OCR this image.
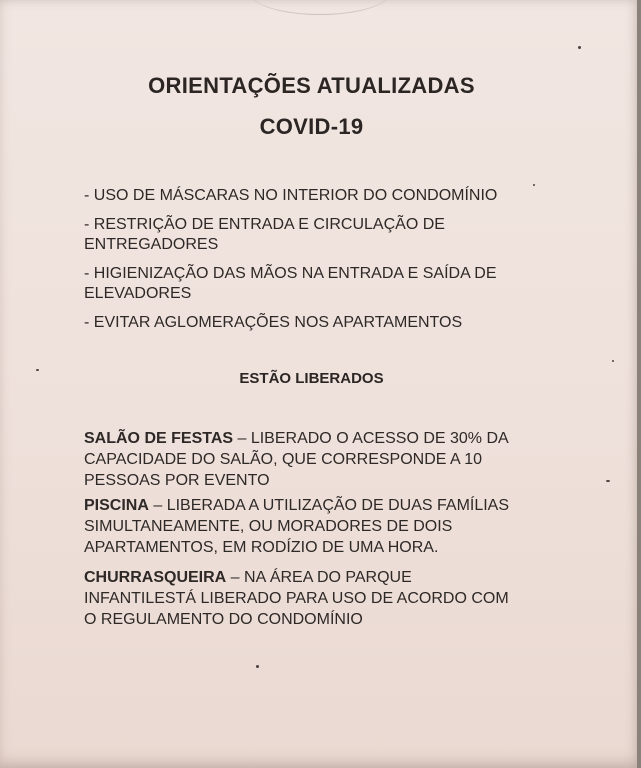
ORIENTAÇÕES ATUALIZADAS
COVID-19
- USO DE MÁSCARAS NO INTERIOR DO CONDOMÍNIO
- RESTRIÇÃO DE ENTRADA E CIRCULAÇÃO DE ENTREGADORES
- HIGIENIZAÇÃO DAS MÃOS NA ENTRADA E SAÍDA DE ELEVADORES
- EVITAR AGLOMERAÇÕES NOS APARTAMENTOS
ESTÃO LIBERADOS
SALÃO DE FESTAS – LIBERADO O ACESSO DE 30% DA CAPACIDADE DO SALÃO, QUE CORRESPONDE A 10 PESSOAS POR EVENTO
PISCINA – LIBERADA A UTILIZAÇÃO DE DUAS FAMÍLIAS SIMULTANEAMENTE, OU MORADORES DE DOIS APARTAMENTOS, EM RODÍZIO DE UMA HORA.
CHURRASQUEIRA – NA ÁREA DO PARQUE INFANTILESTÁ LIBERADO PARA USO DE ACORDO COM O REGULAMENTO DO CONDOMÍNIO
